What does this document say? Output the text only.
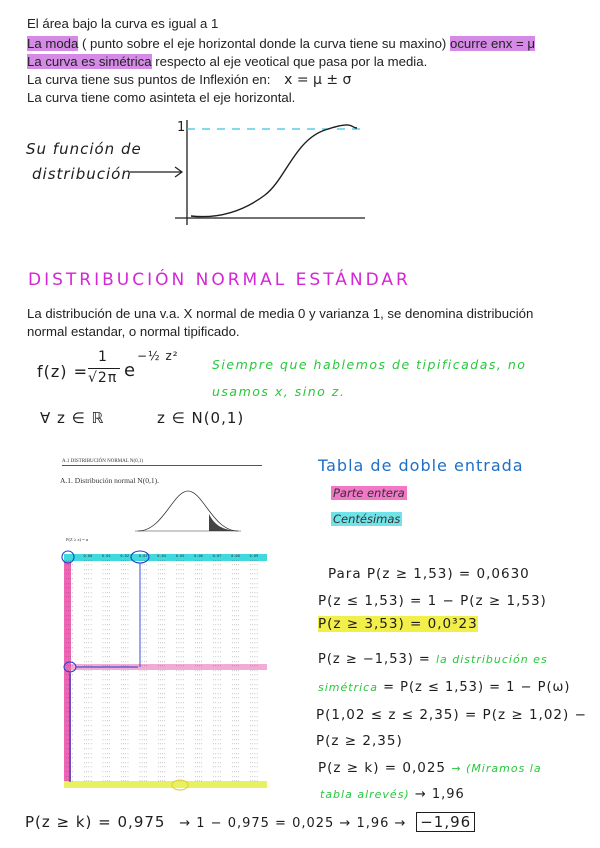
El área bajo la curva es igual a 1
La moda ( punto sobre el eje horizontal donde la curva tiene su maxino) ocurre enx = μ
La curva es simétrica respecto al eje veotical que pasa por la media.
La curva tiene sus puntos de Inflexión en: x = μ ± σ
La curva tiene como asinteta el eje horizontal.
Su función de
distribución
1
DISTRIBUCIÓN NORMAL ESTÁNDAR
La distribución de una v.a. X normal de media 0 y varianza 1, se denomina distribución
normal estandar, o normal tipificado.
f(z) =
1
√2π e
−½ z²
Siempre que hablemos de tipificadas, no
usamos x, sino z.
∀ z ∈ ℝ	z ∈ N(0,1)
A.1 DISTRIBUCIÓN NORMAL N(0,1)
A.1. Distribución normal N(0,1).
P(Z ≥ z) = α
	0.00	0.01	0.02	0.03	0.04	0.05	0.06	0.07	0.08	0.09
····	····	····	····	····	····	····	····	····	····	····
····	····	····	····	····	····	····	····	····	····	····
····	····	····	····	····	····	····	····	····	····	····
····	····	····	····	····	····	····	····	····	····	····
····	····	····	····	····	····	····	····	····	····	····
····	····	····	····	····	····	····	····	····	····	····
····	····	····	····	····	····	····	····	····	····	····
····	····	····	····	····	····	····	····	····	····	····
····	····	····	····	····	····	····	····	····	····	····
····	····	····	····	····	····	····	····	····	····	····
····	····	····	····	····	····	····	····	····	····	····
····	····	····	····	····	····	····	····	····	····	····
····	····	····	····	····	····	····	····	····	····	····
····	····	····	····	····	····	····	····	····	····	····
····	····	····	····	····	····	····	····	····	····	····
····	····	····	····	····	····	····	····	····	····	····
····	····	····	····	····	····	····	····	····	····	····
····	····	····	····	····	····	····	····	····	····	····
····	····	····	····	····	····	····	····	····	····	····
····	····	····	····	····	····	····	····	····	····	····
····	····	····	····	····	····	····	····	····	····	····
····	····	····	····	····	····	····	····	····	····	····
····	····	····	····	····	····	····	····	····	····	····
····	····	····	····	····	····	····	····	····	····	····
····	····	····	····	····	····	····	····	····	····	····
····	····	····	····	····	····	····	····	····	····	····
····	····	····	····	····	····	····	····	····	····	····
····	····	····	····	····	····	····	····	····	····	····
····	····	····	····	····	····	····	····	····	····	····
····	····	····	····	····	····	····	····	····	····	····
····	····	····	····	····	····	····	····	····	····	····
····	····	····	····	····	····	····	····	····	····	····
····	····	····	····	····	····	····	····	····	····	····
····	····	····	····	····	····	····	····	····	····	····
····	····	····	····	····	····	····	····	····	····	····
····	····	····	····	····	····	····	····	····	····	····
····	····	····	····	····	····	····	····	····	····	····
····	····	····	····	····	····	····	····	····	····	····
····	····	····	····	····	····	····	····	····	····	····
····	····	····	····	····	····	····	····	····	····	····
····	····	····	····	····	····	····	····	····	····	····
····	····	····	····	····	····	····	····	····	····	····
····	····	····	····	····	····	····	····	····	····	····
····	····	····	····	····	····	····	····	····	····	····
····	····	····	····	····	····	····	····	····	····	····
····	····	····	····	····	····	····	····	····	····	····
····	····	····	····	····	····	····	····	····	····	····
····	····	····	····	····	····	····	····	····	····	····
····	····	····	····	····	····	····	····	····	····	····
Tabla de doble entrada
Parte entera
Centésimas
Para P(z ≥ 1,53) = 0,0630
P(z ≤ 1,53) = 1 − P(z ≥ 1,53)
P(z ≥ 3,53) = 0,0³23
P(z ≥ −1,53) = la distribución es
simétrica = P(z ≤ 1,53) = 1 − P(ω)
P(1,02 ≤ z ≤ 2,35) = P(z ≥ 1,02) −
P(z ≥ 2,35)
P(z ≥ k) = 0,025 → (Miramos la
tabla alrevés) → 1,96
P(z ≥ k) = 0,975 → 1 − 0,975 = 0,025 → 1,96 → −1,96
